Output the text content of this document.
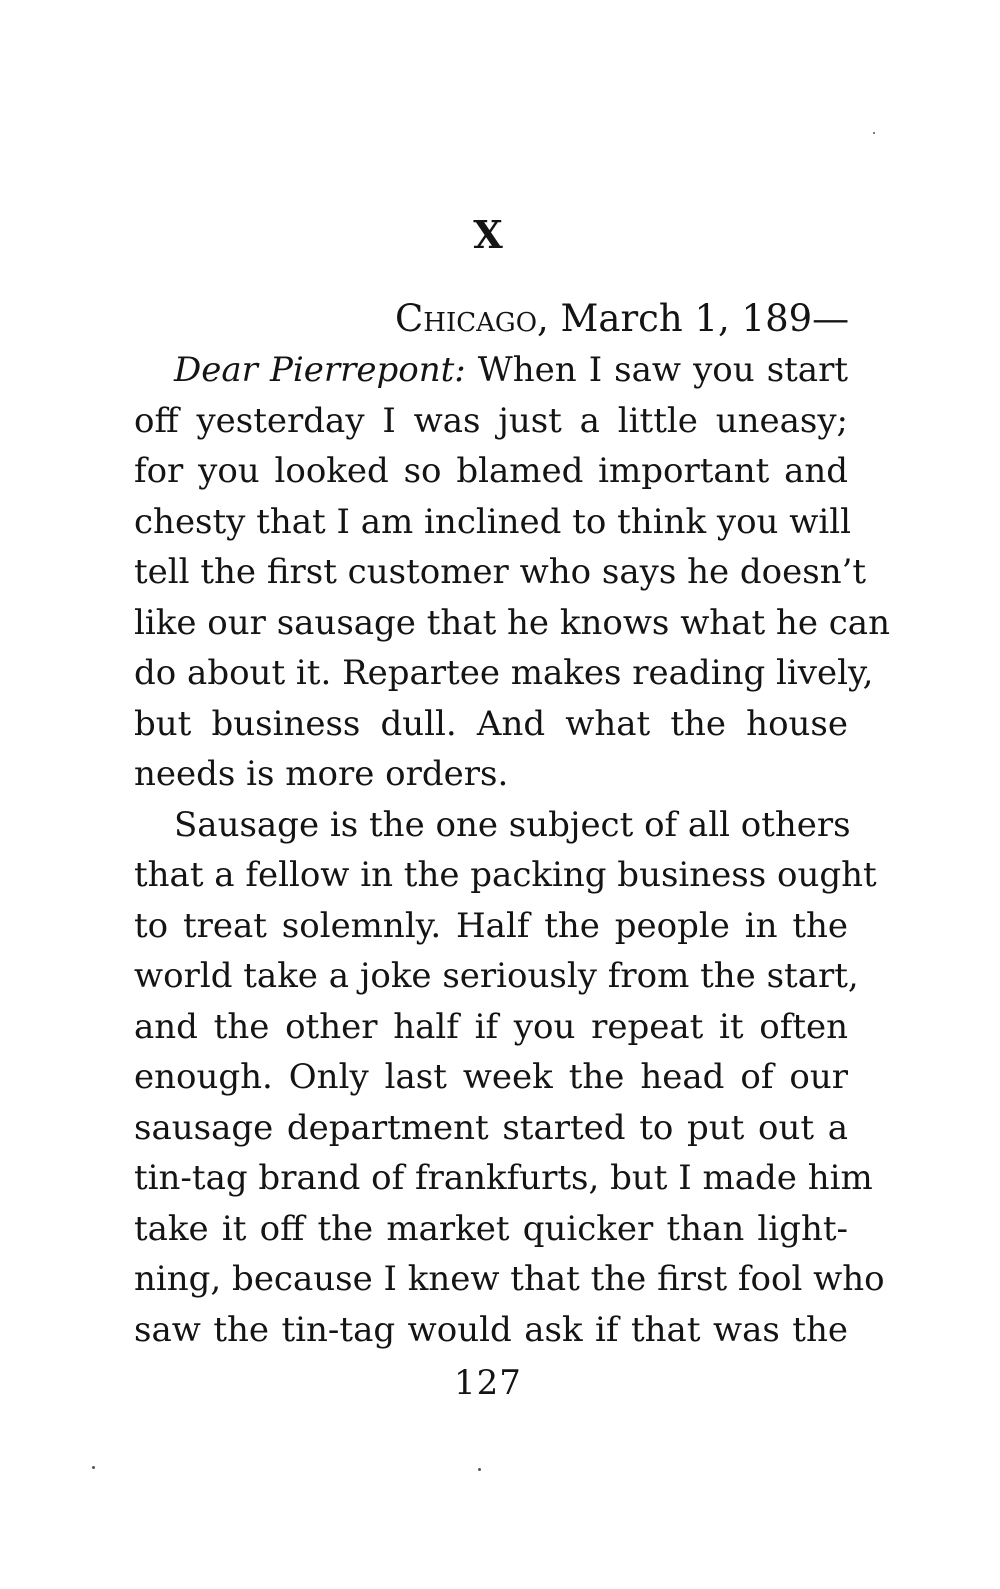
X
Chicago, March 1, 189—
Dear Pierrepont: When I saw you start
off yesterday I was just a little uneasy;
for you looked so blamed important and
chesty that I am inclined to think you will
tell the first customer who says he doesn’t
like our sausage that he knows what he can
do about it. Repartee makes reading lively,
but business dull. And what the house
needs is more orders.
Sausage is the one subject of all others
that a fellow in the packing business ought
to treat solemnly. Half the people in the
world take a joke seriously from the start,
and the other half if you repeat it often
enough. Only last week the head of our
sausage department started to put out a
tin-tag brand of frankfurts, but I made him
take it off the market quicker than light-
ning, because I knew that the first fool who
saw the tin-tag would ask if that was the
127
